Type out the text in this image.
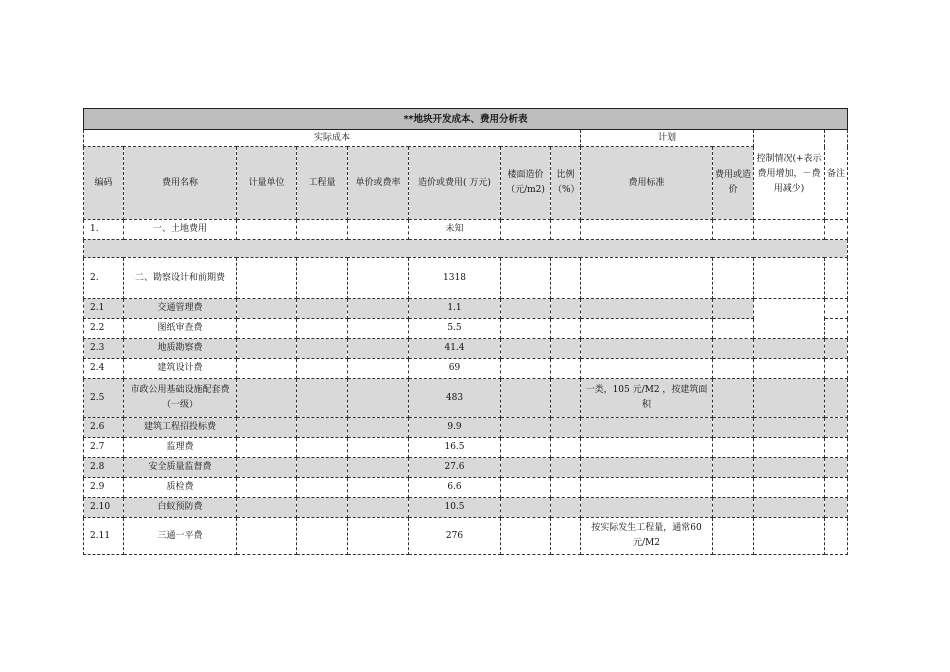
**地块开发成本、费用分析表											
实际成本								计划		控制情况(+表示费用增加，－费用减少)	备注
编码	费用名称	计量单位	工程量	单价或费率	造价或费用( 万元)	楼面造价（元/m2)	比例（%）	费用标准	费用或造价		
1.	一、土地费用				未知						

2.	二、勘察设计和前期费				1318						
2.1	交通管理费				1.1						
2.2	图纸审查费				5.5						
2.3	地质勘察费				41.4						
2.4	建筑设计费				69						
2.5	市政公用基础设施配套费（一级）				483			一类，105 元/M2 ，按建筑面积			
2.6	建筑工程招投标费				9.9						
2.7	监理费				16.5						
2.8	安全质量监督费				27.6						
2.9	质检费				6.6						
2.10	白蚁预防费				10.5						
2.11	三通一平费				276			按实际发生工程量，通常60元/M2			
